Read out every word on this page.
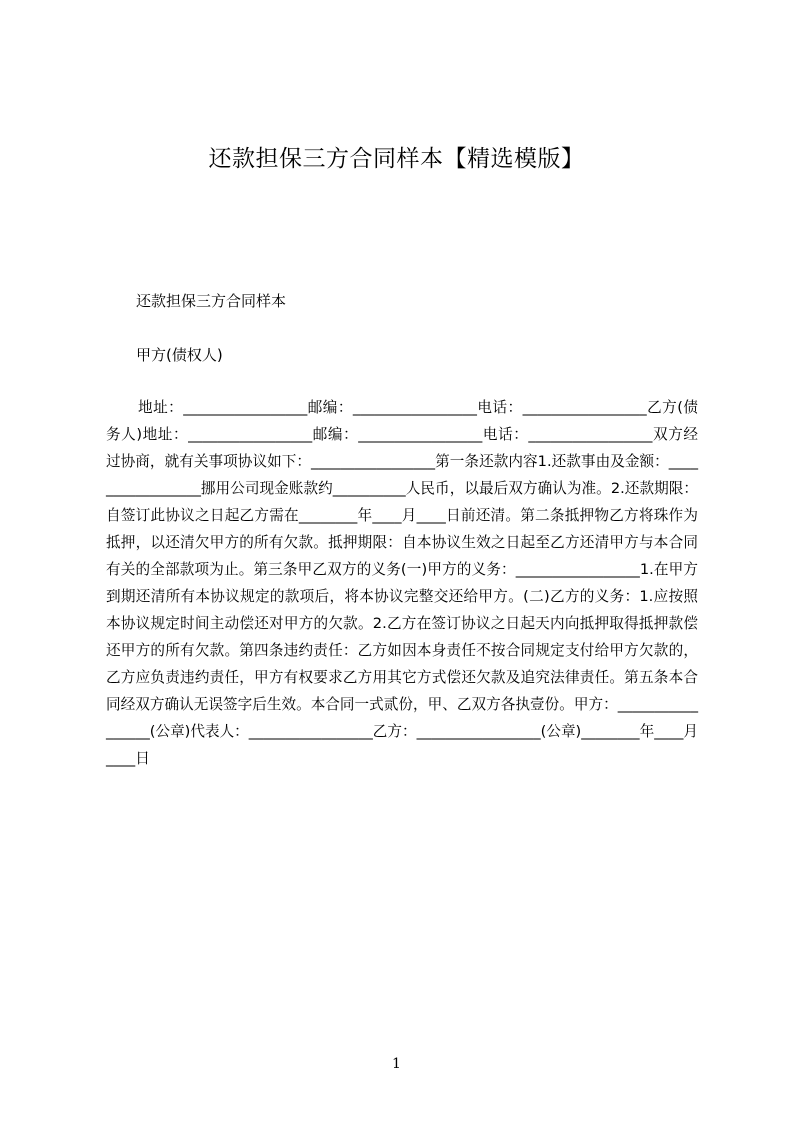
还款担保三方合同样本【精选模版】
还款担保三方合同样本
甲方(债权人)
地址：_________________邮编：_________________电话：_________________乙方(债务人)地址：_________________邮编：_________________电话：_________________双方经过协商，就有关事项协议如下：_________________第一条还款内容1.还款事由及金额：_________________挪用公司现金账款约__________人民币，以最后双方确认为准。2.还款期限：自签订此协议之日起乙方需在________年____月____日前还清。第二条抵押物乙方将珠作为抵押，以还清欠甲方的所有欠款。抵押期限：自本协议生效之日起至乙方还清甲方与本合同有关的全部款项为止。第三条甲乙双方的义务(一)甲方的义务：_________________1.在甲方到期还清所有本协议规定的款项后，将本协议完整交还给甲方。(二)乙方的义务：1.应按照本协议规定时间主动偿还对甲方的欠款。2.乙方在签订协议之日起天内向抵押取得抵押款偿还甲方的所有欠款。第四条违约责任：乙方如因本身责任不按合同规定支付给甲方欠款的，乙方应负责违约责任，甲方有权要求乙方用其它方式偿还欠款及追究法律责任。第五条本合同经双方确认无误签字后生效。本合同一式贰份，甲、乙双方各执壹份。甲方：_________________(公章)代表人：_________________乙方：_________________(公章)________年____月____日
1
